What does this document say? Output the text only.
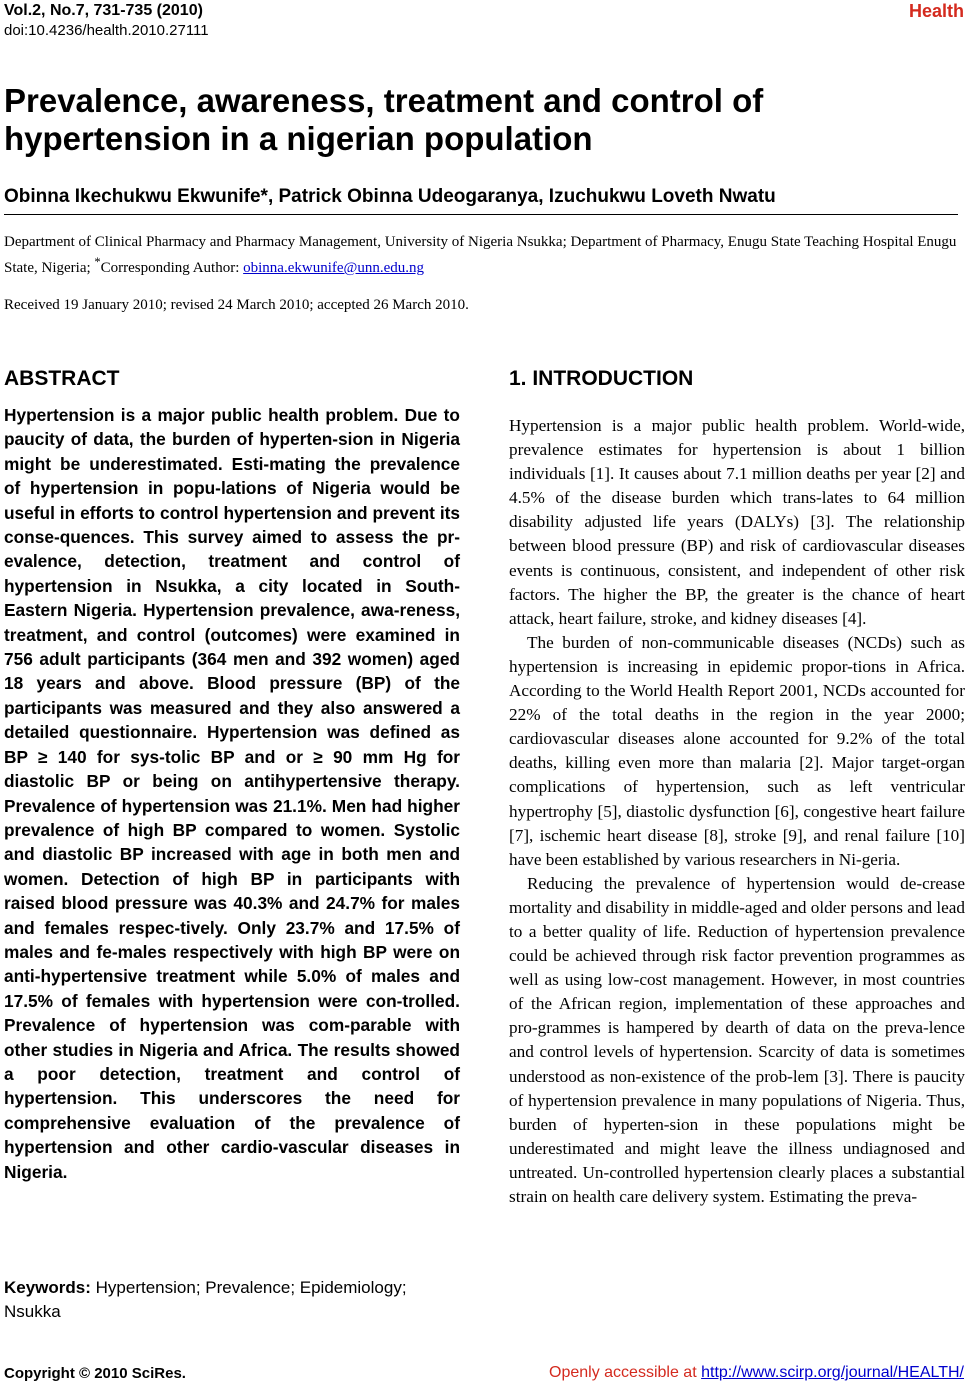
Vol.2, No.7, 731-735 (2010)
doi:10.4236/health.2010.27111
Health
Prevalence, awareness, treatment and control of hypertension in a nigerian population
Obinna Ikechukwu Ekwunife*, Patrick Obinna Udeogaranya, Izuchukwu Loveth Nwatu
Department of Clinical Pharmacy and Pharmacy Management, University of Nigeria Nsukka; Department of Pharmacy, Enugu State Teaching Hospital Enugu State, Nigeria; *Corresponding Author: obinna.ekwunife@unn.edu.ng
Received 19 January 2010; revised 24 March 2010; accepted 26 March 2010.
ABSTRACT
Hypertension is a major public health problem. Due to paucity of data, the burden of hyperten-sion in Nigeria might be underestimated. Esti-mating the prevalence of hypertension in popu-lations of Nigeria would be useful in efforts to control hypertension and prevent its conse-quences. This survey aimed to assess the pr-evalence, detection, treatment and control of hypertension in Nsukka, a city located in South-Eastern Nigeria. Hypertension prevalence, awa-reness, treatment, and control (outcomes) were examined in 756 adult participants (364 men and 392 women) aged 18 years and above. Blood pressure (BP) of the participants was measured and they also answered a detailed questionnaire. Hypertension was defined as BP ≥ 140 for sys-tolic BP and or ≥ 90 mm Hg for diastolic BP or being on antihypertensive therapy. Prevalence of hypertension was 21.1%. Men had higher prevalence of high BP compared to women. Systolic and diastolic BP increased with age in both men and women. Detection of high BP in participants with raised blood pressure was 40.3% and 24.7% for males and females respec-tively. Only 23.7% and 17.5% of males and fe-males respectively with high BP were on anti-hypertensive treatment while 5.0% of males and 17.5% of females with hypertension were con-trolled. Prevalence of hypertension was com-parable with other studies in Nigeria and Africa. The results showed a poor detection, treatment and control of hypertension. This underscores the need for comprehensive evaluation of the prevalence of hypertension and other cardio-vascular diseases in Nigeria.
Keywords: Hypertension; Prevalence; Epidemiology; Nsukka
1. INTRODUCTION

Hypertension is a major public health problem. World-wide, prevalence estimates for hypertension is about 1 billion individuals [1]. It causes about 7.1 million deaths per year [2] and 4.5% of the disease burden which trans-lates to 64 million disability adjusted life years (DALYs) [3]. The relationship between blood pressure (BP) and risk of cardiovascular diseases events is continuous, consistent, and independent of other risk factors. The higher the BP, the greater is the chance of heart attack, heart failure, stroke, and kidney diseases [4].

The burden of non-communicable diseases (NCDs) such as hypertension is increasing in epidemic propor-tions in Africa. According to the World Health Report 2001, NCDs accounted for 22% of the total deaths in the region in the year 2000; cardiovascular diseases alone accounted for 9.2% of the total deaths, killing even more than malaria [2]. Major target-organ complications of hypertension, such as left ventricular hypertrophy [5], diastolic dysfunction [6], congestive heart failure [7], ischemic heart disease [8], stroke [9], and renal failure [10] have been established by various researchers in Ni-geria.

Reducing the prevalence of hypertension would de-crease mortality and disability in middle-aged and older persons and lead to a better quality of life. Reduction of hypertension prevalence could be achieved through risk factor prevention programmes as well as using low-cost management. However, in most countries of the African region, implementation of these approaches and pro-grammes is hampered by dearth of data on the preva-lence and control levels of hypertension. Scarcity of data is sometimes understood as non-existence of the prob-lem [3]. There is paucity of hypertension prevalence in many populations of Nigeria. Thus, burden of hyperten-sion in these populations might be underestimated and might leave the illness undiagnosed and untreated. Un-controlled hypertension clearly places a substantial strain on health care delivery system. Estimating the preva-

Copyright © 2010 SciRes.	Openly accessible at http://www.scirp.org/journal/HEALTH/
